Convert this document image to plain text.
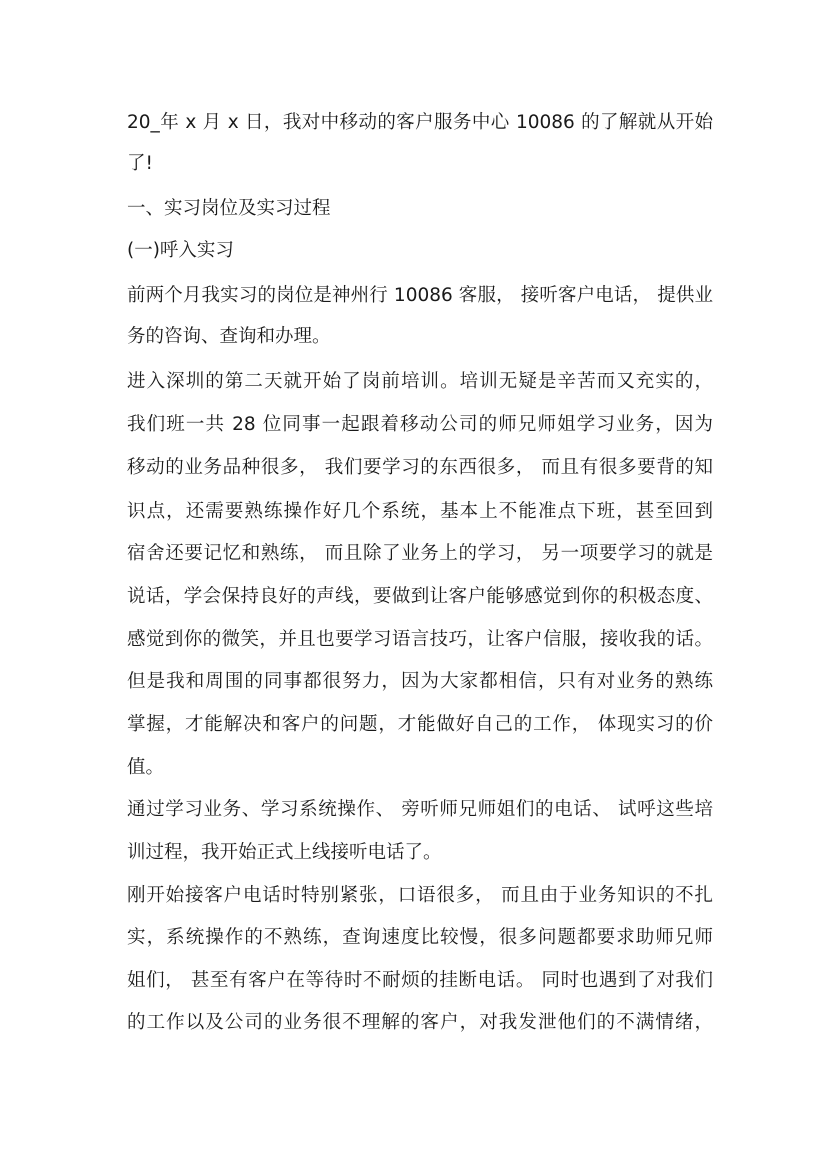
20_年 x 月 x 日，我对中移动的客户服务中心 10086 的了解就从开始
了!
一、实习岗位及实习过程
(一)呼入实习
前两个月我实习的岗位是神州行 10086 客服， 接听客户电话， 提供业
务的咨询、查询和办理。
进入深圳的第二天就开始了岗前培训。培训无疑是辛苦而又充实的，
我们班一共 28 位同事一起跟着移动公司的师兄师姐学习业务，因为
移动的业务品种很多， 我们要学习的东西很多， 而且有很多要背的知
识点，还需要熟练操作好几个系统，基本上不能准点下班，甚至回到
宿舍还要记忆和熟练， 而且除了业务上的学习， 另一项要学习的就是
说话，学会保持良好的声线，要做到让客户能够感觉到你的积极态度、
感觉到你的微笑，并且也要学习语言技巧，让客户信服，接收我的话。
但是我和周围的同事都很努力，因为大家都相信，只有对业务的熟练
掌握，才能解决和客户的问题，才能做好自己的工作， 体现实习的价
值。
通过学习业务、学习系统操作、 旁听师兄师姐们的电话、 试呼这些培
训过程，我开始正式上线接听电话了。
刚开始接客户电话时特别紧张，口语很多， 而且由于业务知识的不扎
实，系统操作的不熟练，查询速度比较慢，很多问题都要求助师兄师
姐们， 甚至有客户在等待时不耐烦的挂断电话。 同时也遇到了对我们
的工作以及公司的业务很不理解的客户，对我发泄他们的不满情绪，
